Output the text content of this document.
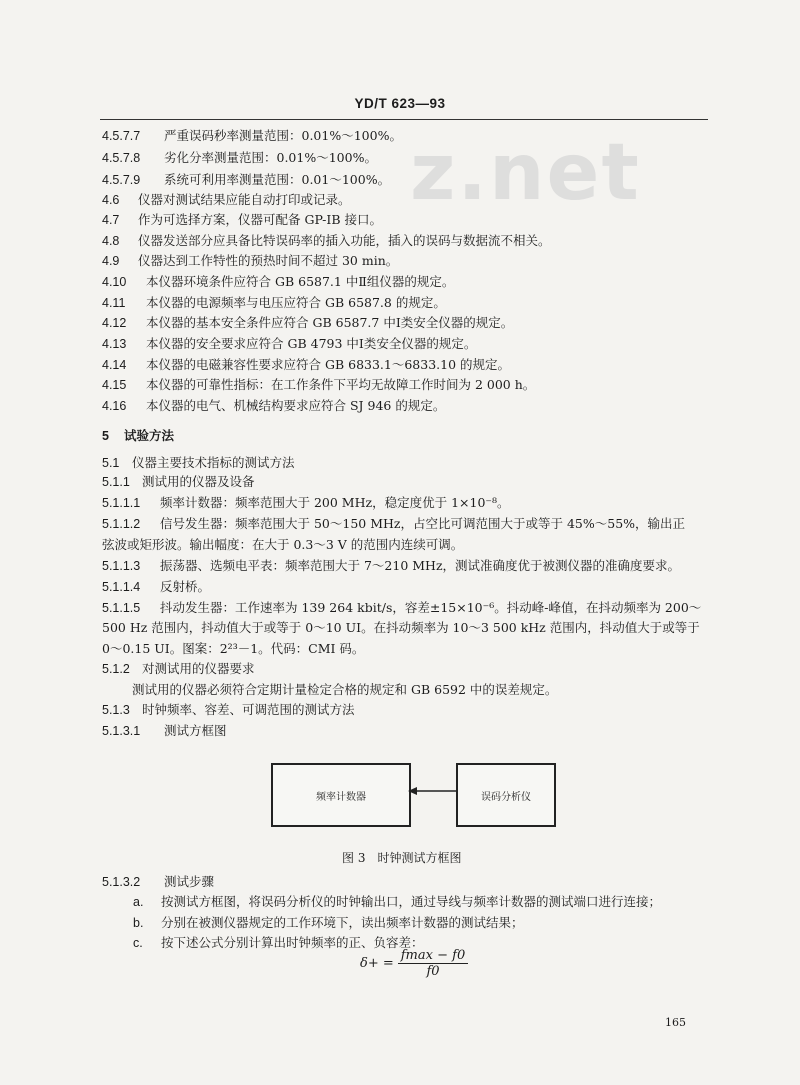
z.net
YD/T 623—93
4.5.7.7 严重误码秒率测量范围：0.01%～100%。
4.5.7.8 劣化分率测量范围：0.01%～100%。
4.5.7.9 系统可利用率测量范围：0.01～100%。
4.6 仪器对测试结果应能自动打印或记录。
4.7 作为可选择方案，仪器可配备 GP-IB 接口。
4.8 仪器发送部分应具备比特误码率的插入功能，插入的误码与数据流不相关。
4.9 仪器达到工作特性的预热时间不超过 30 min。
4.10 本仪器环境条件应符合 GB 6587.1 中Ⅱ组仪器的规定。
4.11 本仪器的电源频率与电压应符合 GB 6587.8 的规定。
4.12 本仪器的基本安全条件应符合 GB 6587.7 中Ⅰ类安全仪器的规定。
4.13 本仪器的安全要求应符合 GB 4793 中Ⅰ类安全仪器的规定。
4.14 本仪器的电磁兼容性要求应符合 GB 6833.1～6833.10 的规定。
4.15 本仪器的可靠性指标：在工作条件下平均无故障工作时间为 2 000 h。
4.16 本仪器的电气、机械结构要求应符合 SJ 946 的规定。
5 试验方法
5.1 仪器主要技术指标的测试方法
5.1.1 测试用的仪器及设备
5.1.1.1 频率计数器：频率范围大于 200 MHz，稳定度优于 1×10⁻⁸。
5.1.1.2 信号发生器：频率范围大于 50～150 MHz，占空比可调范围大于或等于 45%～55%，输出正
弦波或矩形波。输出幅度：在大于 0.3～3 V 的范围内连续可调。
5.1.1.3 振荡器、选频电平表：频率范围大于 7～210 MHz，测试准确度优于被测仪器的准确度要求。
5.1.1.4 反射桥。
5.1.1.5 抖动发生器：工作速率为 139 264 kbit/s，容差±15×10⁻⁶。抖动峰-峰值，在抖动频率为 200～
500 Hz 范围内，抖动值大于或等于 0～10 UI。在抖动频率为 10～3 500 kHz 范围内，抖动值大于或等于
0～0.15 UI。图案：2²³－1。代码：CMI 码。
5.1.2 对测试用的仪器要求
测试用的仪器必须符合定期计量检定合格的规定和 GB 6592 中的误差规定。
5.1.3 时钟频率、容差、可调范围的测试方法
5.1.3.1 测试方框图
频率计数器	误码分析仪
图 3　时钟测试方框图
5.1.3.2 测试步骤
a. 按测试方框图，将误码分析仪的时钟输出口，通过导线与频率计数器的测试端口进行连接；
b. 分别在被测仪器规定的工作环境下，读出频率计数器的测试结果；
c. 按下述公式分别计算出时钟频率的正、负容差：
$\delta+ = \frac{fmax - f0}{f0}$
165
